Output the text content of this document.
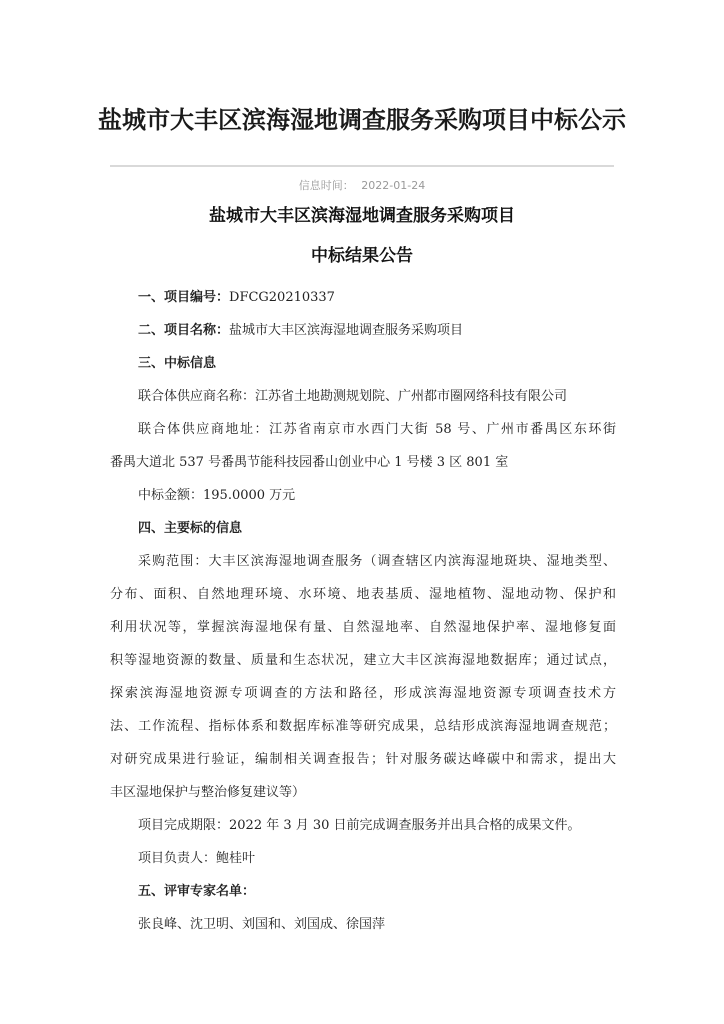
盐城市大丰区滨海湿地调查服务采购项目中标公示
信息时间： 2022-01-24
盐城市大丰区滨海湿地调查服务采购项目
中标结果公告
一、项目编号：DFCG20210337
二、项目名称：盐城市大丰区滨海湿地调查服务采购项目
三、中标信息
联合体供应商名称：江苏省土地勘测规划院、广州都市圈网络科技有限公司
联合体供应商地址：江苏省南京市水西门大街 58 号、广州市番禺区东环街
番禺大道北 537 号番禺节能科技园番山创业中心 1 号楼 3 区 801 室
中标金额：195.0000 万元
四、主要标的信息
采购范围：大丰区滨海湿地调查服务（调查辖区内滨海湿地斑块、湿地类型、
分布、面积、自然地理环境、水环境、地表基质、湿地植物、湿地动物、保护和
利用状况等，掌握滨海湿地保有量、自然湿地率、自然湿地保护率、湿地修复面
积等湿地资源的数量、质量和生态状况，建立大丰区滨海湿地数据库；通过试点，
探索滨海湿地资源专项调查的方法和路径，形成滨海湿地资源专项调查技术方
法、工作流程、指标体系和数据库标准等研究成果，总结形成滨海湿地调查规范；
对研究成果进行验证，编制相关调查报告；针对服务碳达峰碳中和需求，提出大
丰区湿地保护与整治修复建议等）
项目完成期限：2022 年 3 月 30 日前完成调查服务并出具合格的成果文件。
项目负责人：鲍桂叶
五、评审专家名单：
张良峰、沈卫明、刘国和、刘国成、徐国萍
